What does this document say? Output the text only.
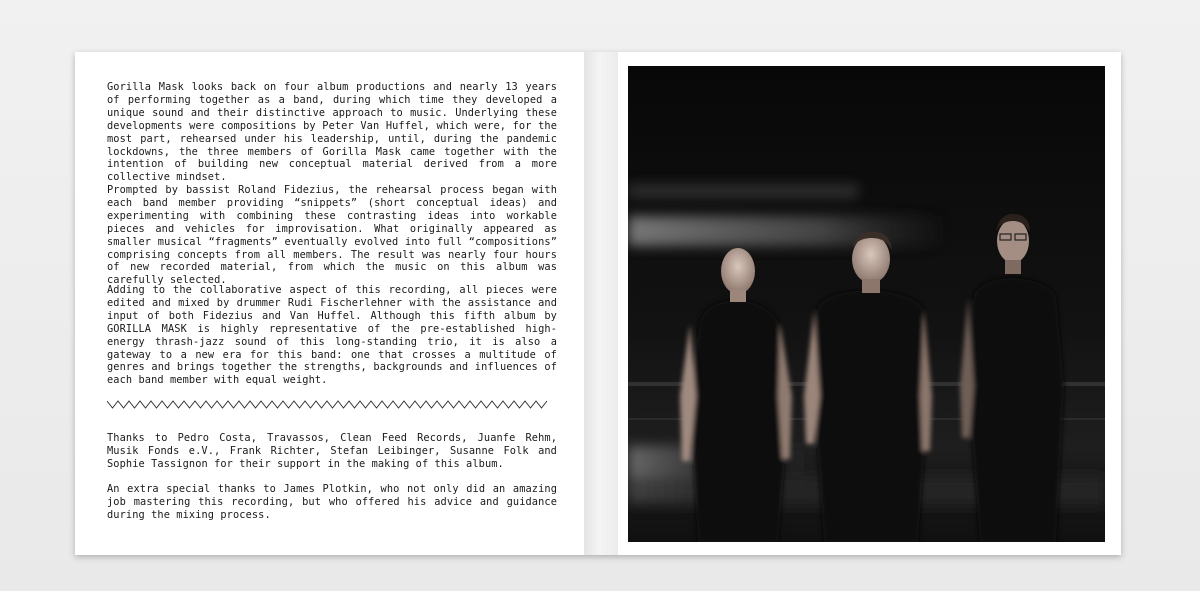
Gorilla Mask looks back on four album productions and nearly 13 years of performing together as a band, during which time they developed a unique sound and their distinctive approach to music. Underlying these developments were compositions by Peter Van Huffel, which were, for the most part, rehearsed under his leadership, until, during the pandemic lockdowns, the three members of Gorilla Mask came together with the intention of building new conceptual material derived from a more collective mindset.

Prompted by bassist Roland Fidezius, the rehearsal process began with each band member providing “snippets” (short conceptual ideas) and experimenting with combining these contrasting ideas into workable pieces and vehicles for improvisation. What originally appeared as smaller musical “fragments” eventually evolved into full “compositions” comprising concepts from all members. The result was nearly four hours of new recorded material, from which the music on this album was carefully selected.

Adding to the collaborative aspect of this recording, all pieces were edited and mixed by drummer Rudi Fischerlehner with the assistance and input of both Fidezius and Van Huffel. Although this fifth album by GORILLA MASK is highly representative of the pre-established high-energy thrash-jazz sound of this long-standing trio, it is also a gateway to a new era for this band: one that crosses a multitude of genres and brings together the strengths, backgrounds and influences of each band member with equal weight.

Thanks to Pedro Costa, Travassos, Clean Feed Records, Juanfe Rehm, Musik Fonds e.V., Frank Richter, Stefan Leibinger, Susanne Folk and Sophie Tassignon for their support in the making of this album.

An extra special thanks to James Plotkin, who not only did an amazing job mastering this recording, but who offered his advice and guidance during the mixing process.
